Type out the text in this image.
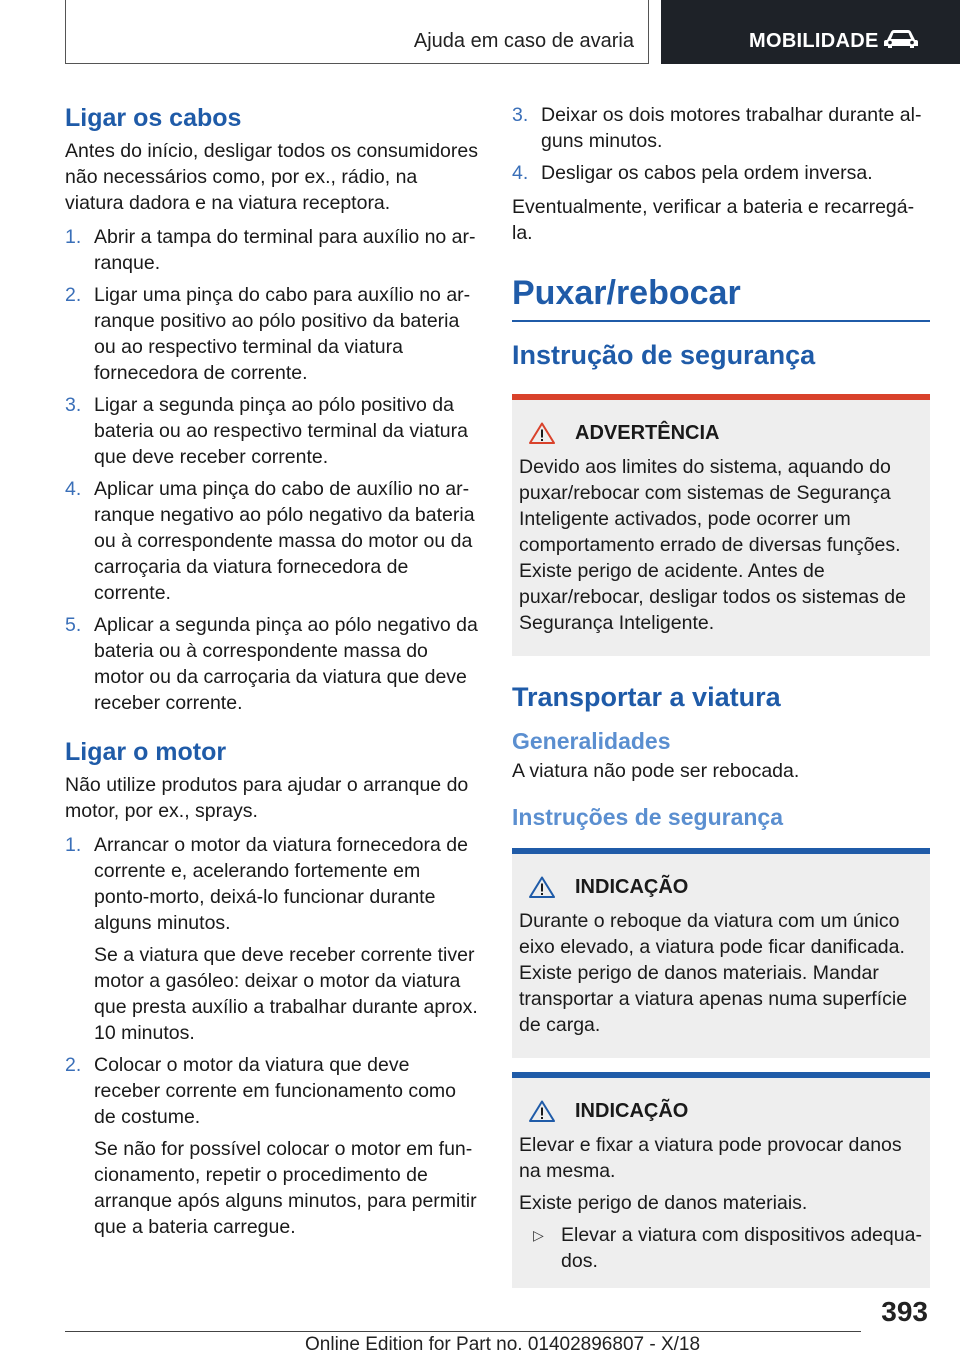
Ajuda em caso de avaria	MOBILIDADE
Ligar os cabos

Antes do início, desligar todos os consumidores não necessários como, por ex., rádio, na viatura dadora e na viatura receptora.

1. Abrir a tampa do terminal para auxílio no arranque.
2. Ligar uma pinça do cabo para auxílio no arranque positivo ao pólo positivo da bateria ou ao respectivo terminal da viatura fornecedora de corrente.
3. Ligar a segunda pinça ao pólo positivo da bateria ou ao respectivo terminal da viatura que deve receber corrente.
4. Aplicar uma pinça do cabo de auxílio no arranque negativo ao pólo negativo da bateria ou à correspondente massa do motor ou da carroçaria da viatura fornecedora de corrente.
5. Aplicar a segunda pinça ao pólo negativo da bateria ou à correspondente massa do motor ou da carroçaria da viatura que deve receber corrente.
Ligar o motor

Não utilize produtos para ajudar o arranque do motor, por ex., sprays.

1. Arrancar o motor da viatura fornecedora de corrente e, acelerando fortemente em ponto-morto, deixá-lo funcionar durante alguns minutos.

Se a viatura que deve receber corrente tiver motor a gasóleo: deixar o motor da viatura que presta auxílio a trabalhar durante aprox. 10 minutos.

2. Colocar o motor da viatura que deve receber corrente em funcionamento como de costume.

Se não for possível colocar o motor em funcionamento, repetir o procedimento de arranque após alguns minutos, para permitir que a bateria carregue.

3. Deixar os dois motores trabalhar durante alguns minutos.
4. Desligar os cabos pela ordem inversa.

Eventualmente, verificar a bateria e recarregá-la.

Puxar/rebocar
Instrução de segurança
ADVERTÊNCIA

Devido aos limites do sistema, aquando do puxar/rebocar com sistemas de Segurança Inteligente activados, pode ocorrer um comportamento errado de diversas funções. Existe perigo de acidente. Antes de puxar/rebocar, desligar todos os sistemas de Segurança Inteligente.

Transportar a viatura
Generalidades

A viatura não pode ser rebocada.

Instruções de segurança
INDICAÇÃO

Durante o reboque da viatura com um único eixo elevado, a viatura pode ficar danificada. Existe perigo de danos materiais. Mandar transportar a viatura apenas numa superfície de carga.

INDICAÇÃO

Elevar e fixar a viatura pode provocar danos na mesma.

Existe perigo de danos materiais.

▷ Elevar a viatura com dispositivos adequados.
393
Online Edition for Part no. 01402896807 - X/18
